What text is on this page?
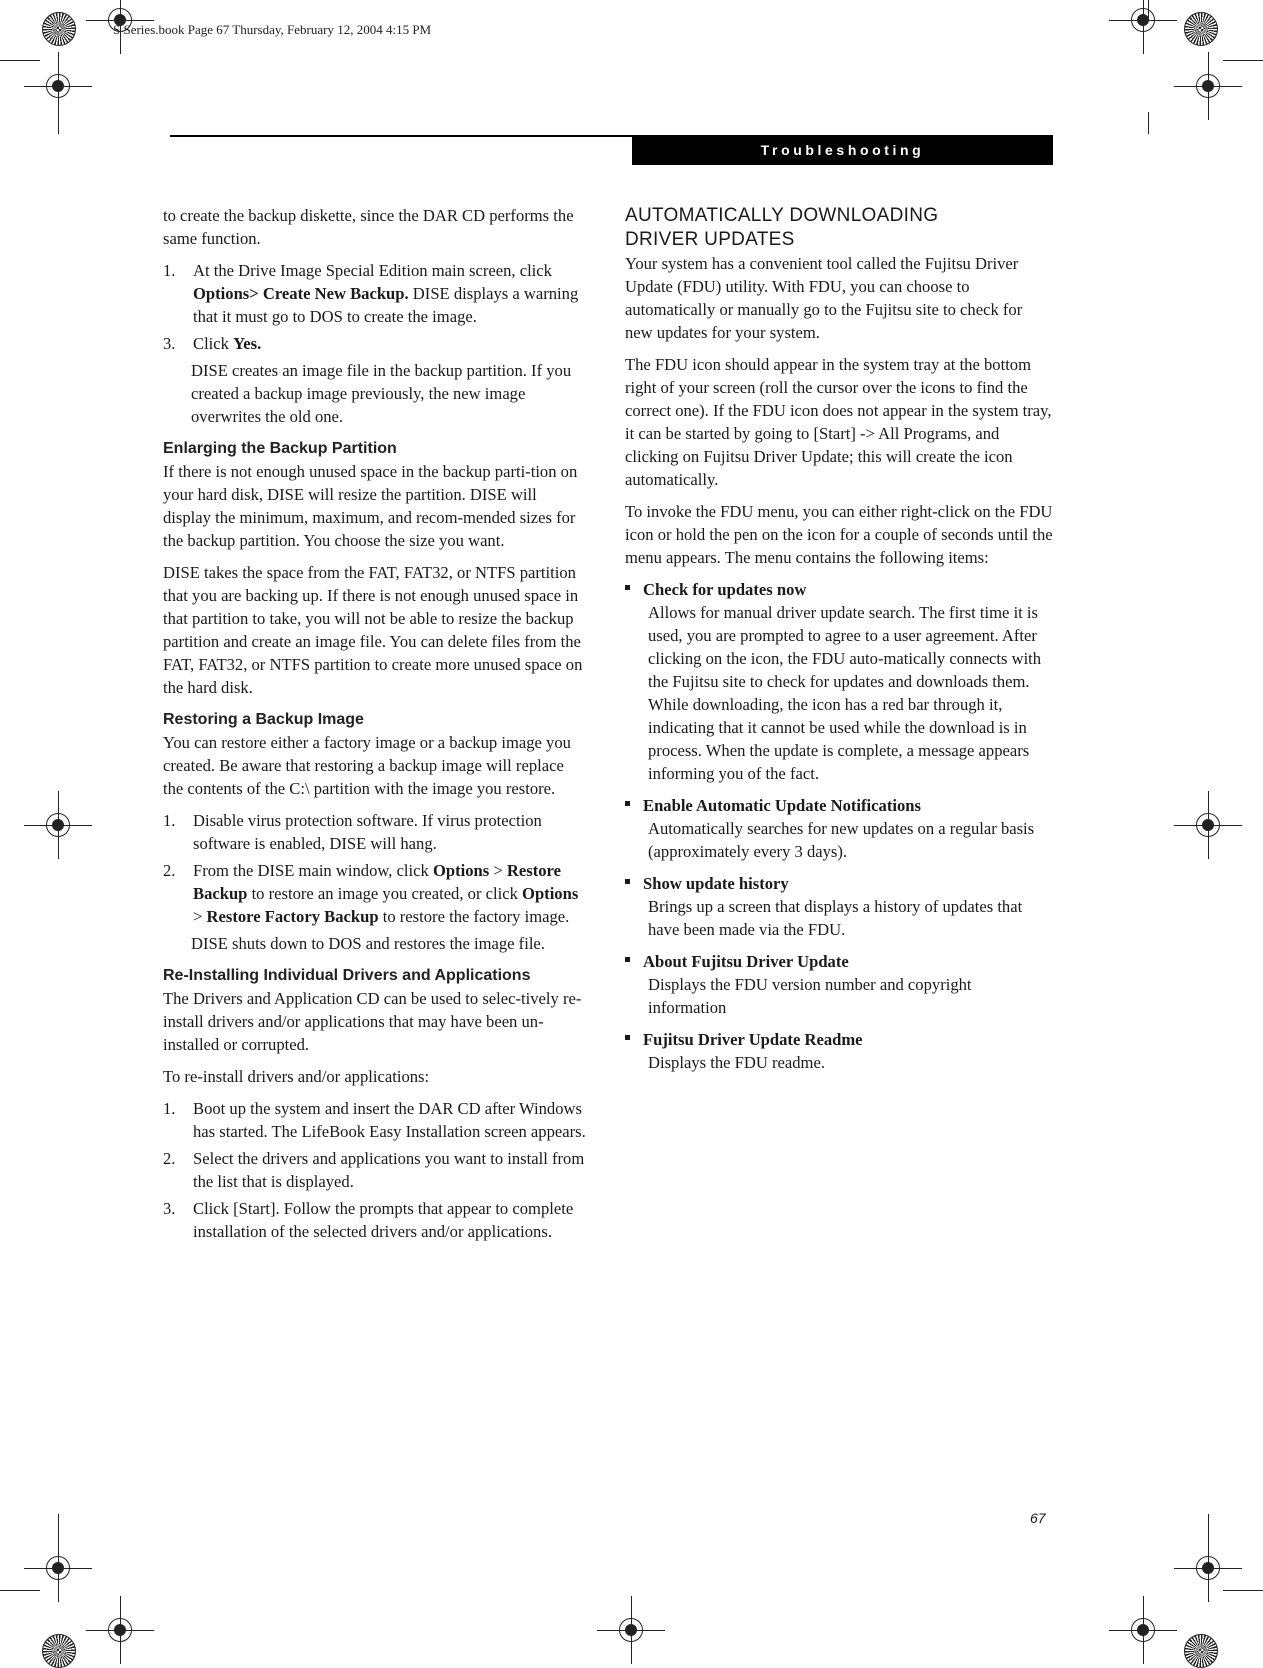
S Series.book Page 67 Thursday, February 12, 2004 4:15 PM
Troubleshooting

to create the backup diskette, since the DAR CD performs the same function.

1. At the Drive Image Special Edition main screen, click Options> Create New Backup. DISE displays a warning that it must go to DOS to create the image.
3. Click Yes.

DISE creates an image file in the backup partition. If you created a backup image previously, the new image overwrites the old one.

Enlarging the Backup Partition

If there is not enough unused space in the backup parti-tion on your hard disk, DISE will resize the partition. DISE will display the minimum, maximum, and recom-mended sizes for the backup partition. You choose the size you want.

DISE takes the space from the FAT, FAT32, or NTFS partition that you are backing up. If there is not enough unused space in that partition to take, you will not be able to resize the backup partition and create an image file. You can delete files from the FAT, FAT32, or NTFS partition to create more unused space on the hard disk.

Restoring a Backup Image

You can restore either a factory image or a backup image you created. Be aware that restoring a backup image will replace the contents of the C:\ partition with the image you restore.

1. Disable virus protection software. If virus protection software is enabled, DISE will hang.
2. From the DISE main window, click Options > Restore Backup to restore an image you created, or click Options > Restore Factory Backup to restore the factory image.

DISE shuts down to DOS and restores the image file.

Re-Installing Individual Drivers and Applications

The Drivers and Application CD can be used to selec-tively re-install drivers and/or applications that may have been un-installed or corrupted.

To re-install drivers and/or applications:

1. Boot up the system and insert the DAR CD after Windows has started. The LifeBook Easy Installation screen appears.
2. Select the drivers and applications you want to install from the list that is displayed.
3. Click [Start]. Follow the prompts that appear to complete installation of the selected drivers and/or applications.
AUTOMATICALLY DOWNLOADING
DRIVER UPDATES

Your system has a convenient tool called the Fujitsu Driver Update (FDU) utility. With FDU, you can choose to automatically or manually go to the Fujitsu site to check for new updates for your system.

The FDU icon should appear in the system tray at the bottom right of your screen (roll the cursor over the icons to find the correct one). If the FDU icon does not appear in the system tray, it can be started by going to [Start] -> All Programs, and clicking on Fujitsu Driver Update; this will create the icon automatically.

To invoke the FDU menu, you can either right-click on the FDU icon or hold the pen on the icon for a couple of seconds until the menu appears. The menu contains the following items:

Check for updates now
Allows for manual driver update search. The first time it is used, you are prompted to agree to a user agreement. After clicking on the icon, the FDU auto-matically connects with the Fujitsu site to check for updates and downloads them. While downloading, the icon has a red bar through it, indicating that it cannot be used while the download is in process. When the update is complete, a message appears informing you of the fact.
Enable Automatic Update Notifications
Automatically searches for new updates on a regular basis (approximately every 3 days).
Show update history
Brings up a screen that displays a history of updates that have been made via the FDU.
About Fujitsu Driver Update
Displays the FDU version number and copyright information
Fujitsu Driver Update Readme
Displays the FDU readme.
67
